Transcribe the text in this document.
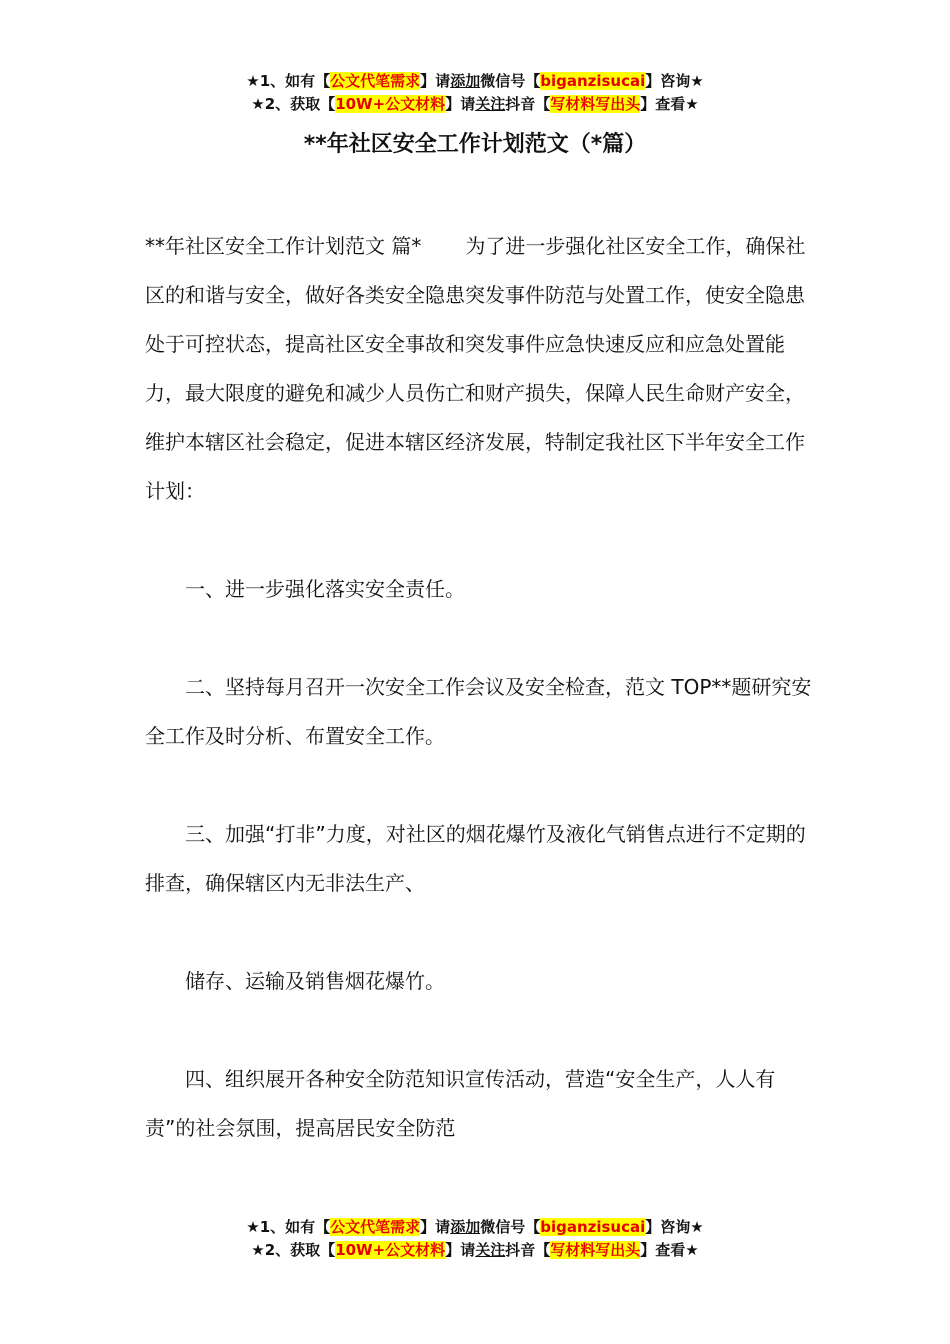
★1、如有【公文代笔需求】请添加微信号【biganzisucai】咨询★
★2、获取【10W+公文材料】请关注抖音【写材料写出头】查看★
**年社区安全工作计划范文（*篇）

**年社区安全工作计划范文 篇* 为了进一步强化社区安全工作，确保社区的和谐与安全，做好各类安全隐患突发事件防范与处置工作，使安全隐患处于可控状态，提高社区安全事故和突发事件应急快速反应和应急处置能力，最大限度的避免和减少人员伤亡和财产损失，保障人民生命财产安全，维护本辖区社会稳定，促进本辖区经济发展，特制定我社区下半年安全工作计划：

一、进一步强化落实安全责任。

二、坚持每月召开一次安全工作会议及安全检查，范文 TOP**题研究安全工作及时分析、布置安全工作。

三、加强“打非”力度，对社区的烟花爆竹及液化气销售点进行不定期的排查，确保辖区内无非法生产、

储存、运输及销售烟花爆竹。

四、组织展开各种安全防范知识宣传活动，营造“安全生产，人人有责”的社会氛围，提高居民安全防范

★1、如有【公文代笔需求】请添加微信号【biganzisucai】咨询★
★2、获取【10W+公文材料】请关注抖音【写材料写出头】查看★
